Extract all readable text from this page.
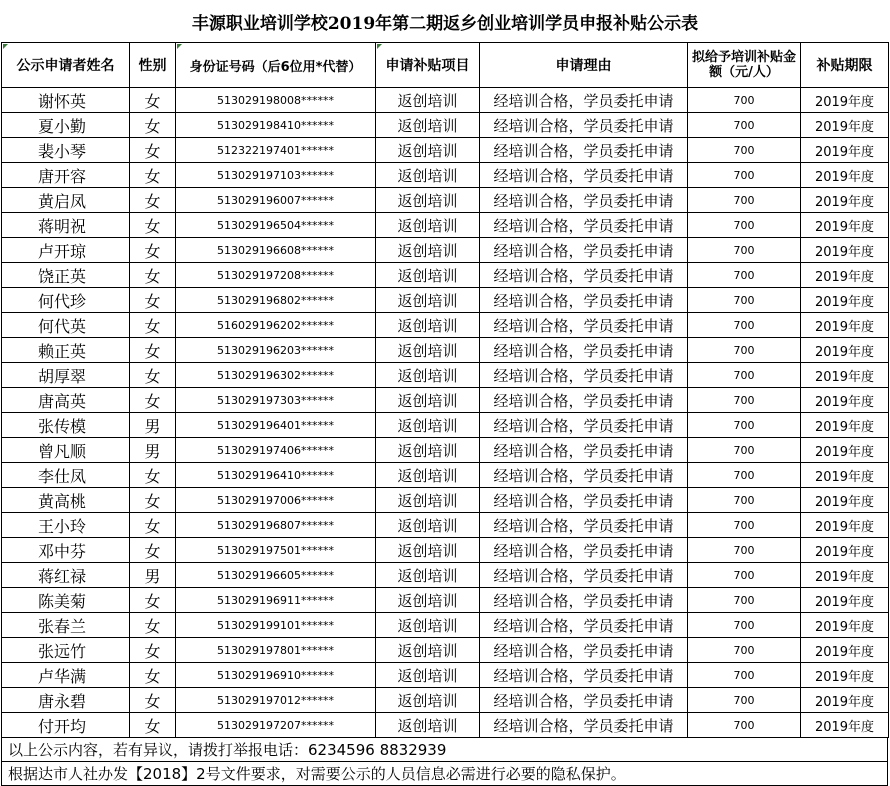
丰源职业培训学校2019年第二期返乡创业培训学员申报补贴公示表
公示申请者姓名	性别	身份证号码（后6位用*代替）	申请补贴项目	申请理由	拟给予培训补贴金额（元/人）	补贴期限
谢怀英	女	513029198008******	返创培训	经培训合格，学员委托申请	700	2019年度
夏小勤	女	513029198410******	返创培训	经培训合格，学员委托申请	700	2019年度
裴小琴	女	512322197401******	返创培训	经培训合格，学员委托申请	700	2019年度
唐开容	女	513029197103******	返创培训	经培训合格，学员委托申请	700	2019年度
黄启凤	女	513029196007******	返创培训	经培训合格，学员委托申请	700	2019年度
蒋明祝	女	513029196504******	返创培训	经培训合格，学员委托申请	700	2019年度
卢开琼	女	513029196608******	返创培训	经培训合格，学员委托申请	700	2019年度
饶正英	女	513029197208******	返创培训	经培训合格，学员委托申请	700	2019年度
何代珍	女	513029196802******	返创培训	经培训合格，学员委托申请	700	2019年度
何代英	女	516029196202******	返创培训	经培训合格，学员委托申请	700	2019年度
赖正英	女	513029196203******	返创培训	经培训合格，学员委托申请	700	2019年度
胡厚翠	女	513029196302******	返创培训	经培训合格，学员委托申请	700	2019年度
唐高英	女	513029197303******	返创培训	经培训合格，学员委托申请	700	2019年度
张传模	男	513029196401******	返创培训	经培训合格，学员委托申请	700	2019年度
曾凡顺	男	513029197406******	返创培训	经培训合格，学员委托申请	700	2019年度
李仕凤	女	513029196410******	返创培训	经培训合格，学员委托申请	700	2019年度
黄高桃	女	513029197006******	返创培训	经培训合格，学员委托申请	700	2019年度
王小玲	女	513029196807******	返创培训	经培训合格，学员委托申请	700	2019年度
邓中芬	女	513029197501******	返创培训	经培训合格，学员委托申请	700	2019年度
蒋红禄	男	513029196605******	返创培训	经培训合格，学员委托申请	700	2019年度
陈美菊	女	513029196911******	返创培训	经培训合格，学员委托申请	700	2019年度
张春兰	女	513029199101******	返创培训	经培训合格，学员委托申请	700	2019年度
张远竹	女	513029197801******	返创培训	经培训合格，学员委托申请	700	2019年度
卢华满	女	513029196910******	返创培训	经培训合格，学员委托申请	700	2019年度
唐永碧	女	513029197012******	返创培训	经培训合格，学员委托申请	700	2019年度
付开均	女	513029197207******	返创培训	经培训合格，学员委托申请	700	2019年度
以上公示内容，若有异议，请拨打举报电话：6234596 8832939
根据达市人社办发【2018】2号文件要求，对需要公示的人员信息必需进行必要的隐私保护。
